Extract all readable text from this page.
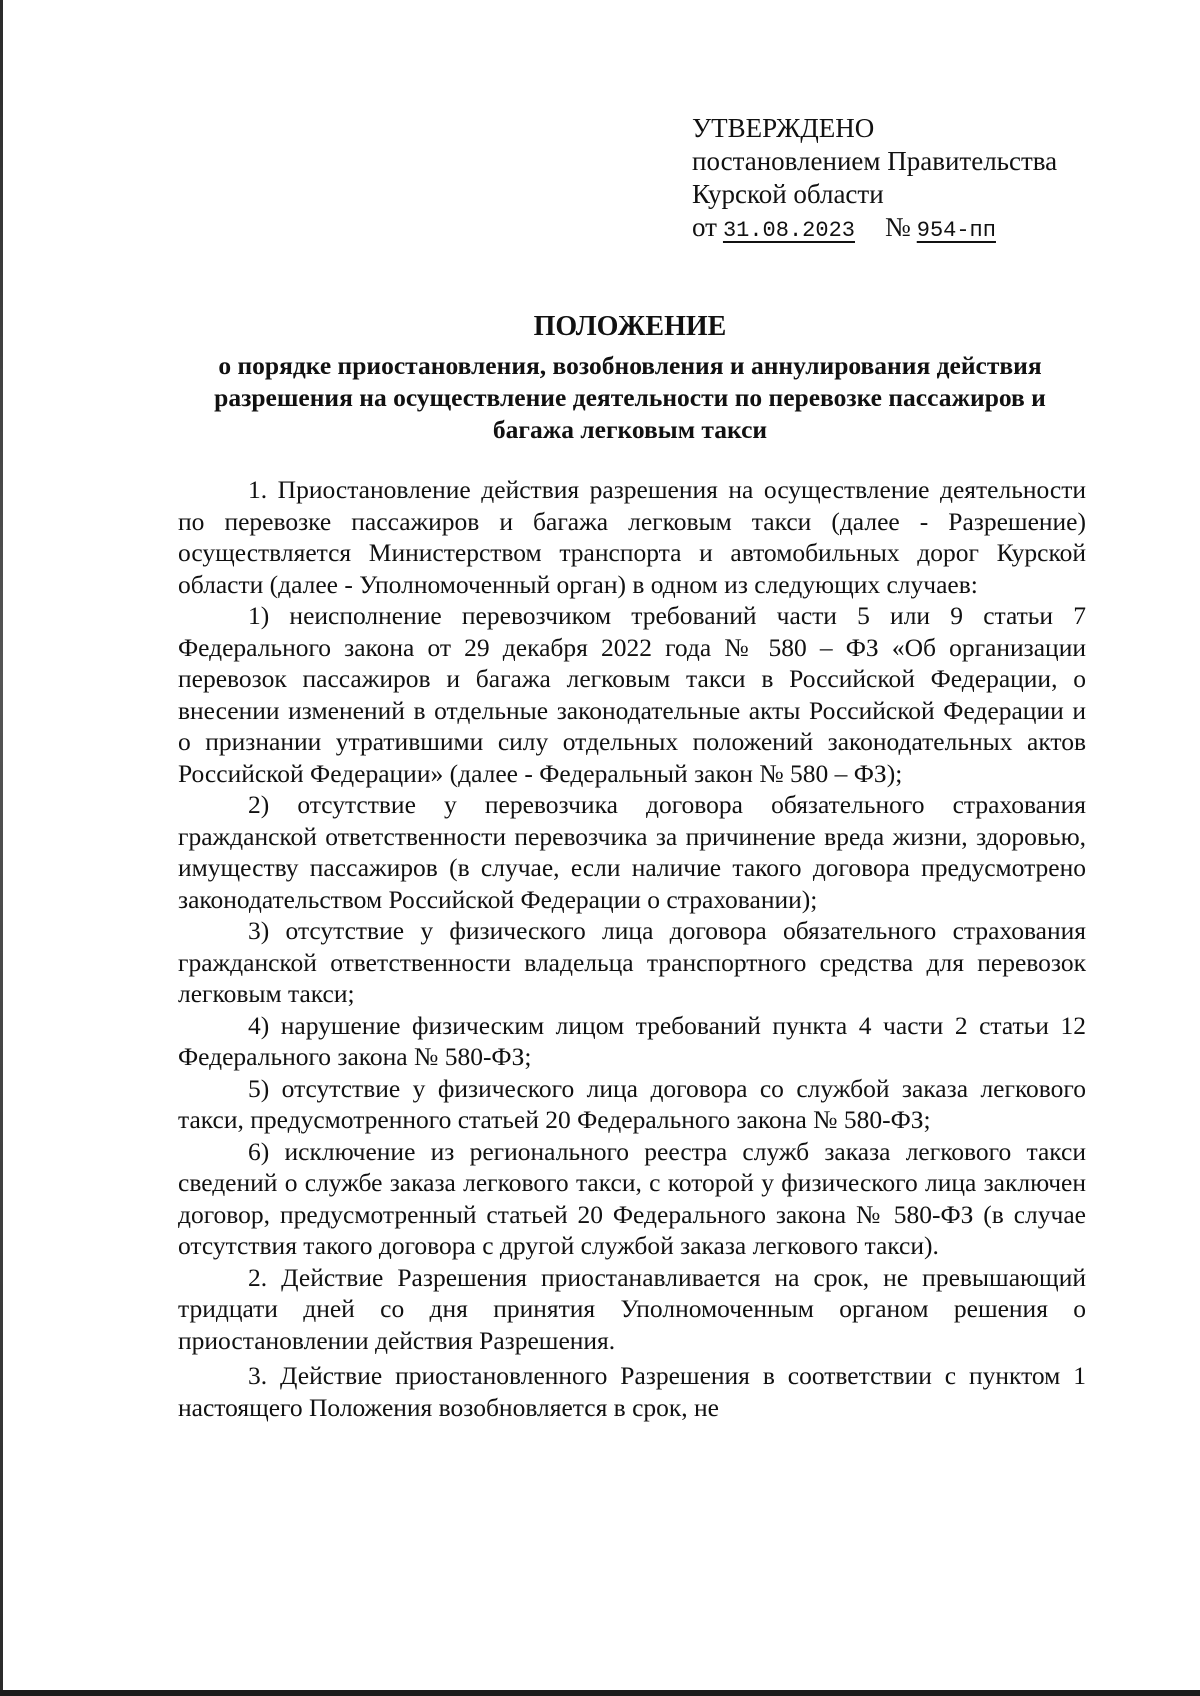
УТВЕРЖДЕНО
постановлением Правительства
Курской области
от 31.08.2023 № 954-пп
ПОЛОЖЕНИЕ
о порядке приостановления, возобновления и аннулирования действия разрешения на осуществление деятельности по перевозке пассажиров и багажа легковым такси

1. Приостановление действия разрешения на осуществление деятельности по перевозке пассажиров и багажа легковым такси (далее - Разрешение) осуществляется Министерством транспорта и автомобильных дорог Курской области (далее - Уполномоченный орган) в одном из следующих случаев:

1) неисполнение перевозчиком требований части 5 или 9 статьи 7 Федерального закона от 29 декабря 2022 года № 580 – ФЗ «Об организации перевозок пассажиров и багажа легковым такси в Российской Федерации, о внесении изменений в отдельные законодательные акты Российской Федерации и о признании утратившими силу отдельных положений законодательных актов Российской Федерации» (далее - Федеральный закон № 580 – ФЗ);

2) отсутствие у перевозчика договора обязательного страхования гражданской ответственности перевозчика за причинение вреда жизни, здоровью, имуществу пассажиров (в случае, если наличие такого договора предусмотрено законодательством Российской Федерации о страховании);

3) отсутствие у физического лица договора обязательного страхования гражданской ответственности владельца транспортного средства для перевозок легковым такси;

4) нарушение физическим лицом требований пункта 4 части 2 статьи 12 Федерального закона № 580-ФЗ;

5) отсутствие у физического лица договора со службой заказа легкового такси, предусмотренного статьей 20 Федерального закона № 580-ФЗ;

6) исключение из регионального реестра служб заказа легкового такси сведений о службе заказа легкового такси, с которой у физического лица заключен договор, предусмотренный статьей 20 Федерального закона № 580-ФЗ (в случае отсутствия такого договора с другой службой заказа легкового такси).

2. Действие Разрешения приостанавливается на срок, не превышающий тридцати дней со дня принятия Уполномоченным органом решения о приостановлении действия Разрешения.

3. Действие приостановленного Разрешения в соответствии с пунктом 1 настоящего Положения возобновляется в срок, не
